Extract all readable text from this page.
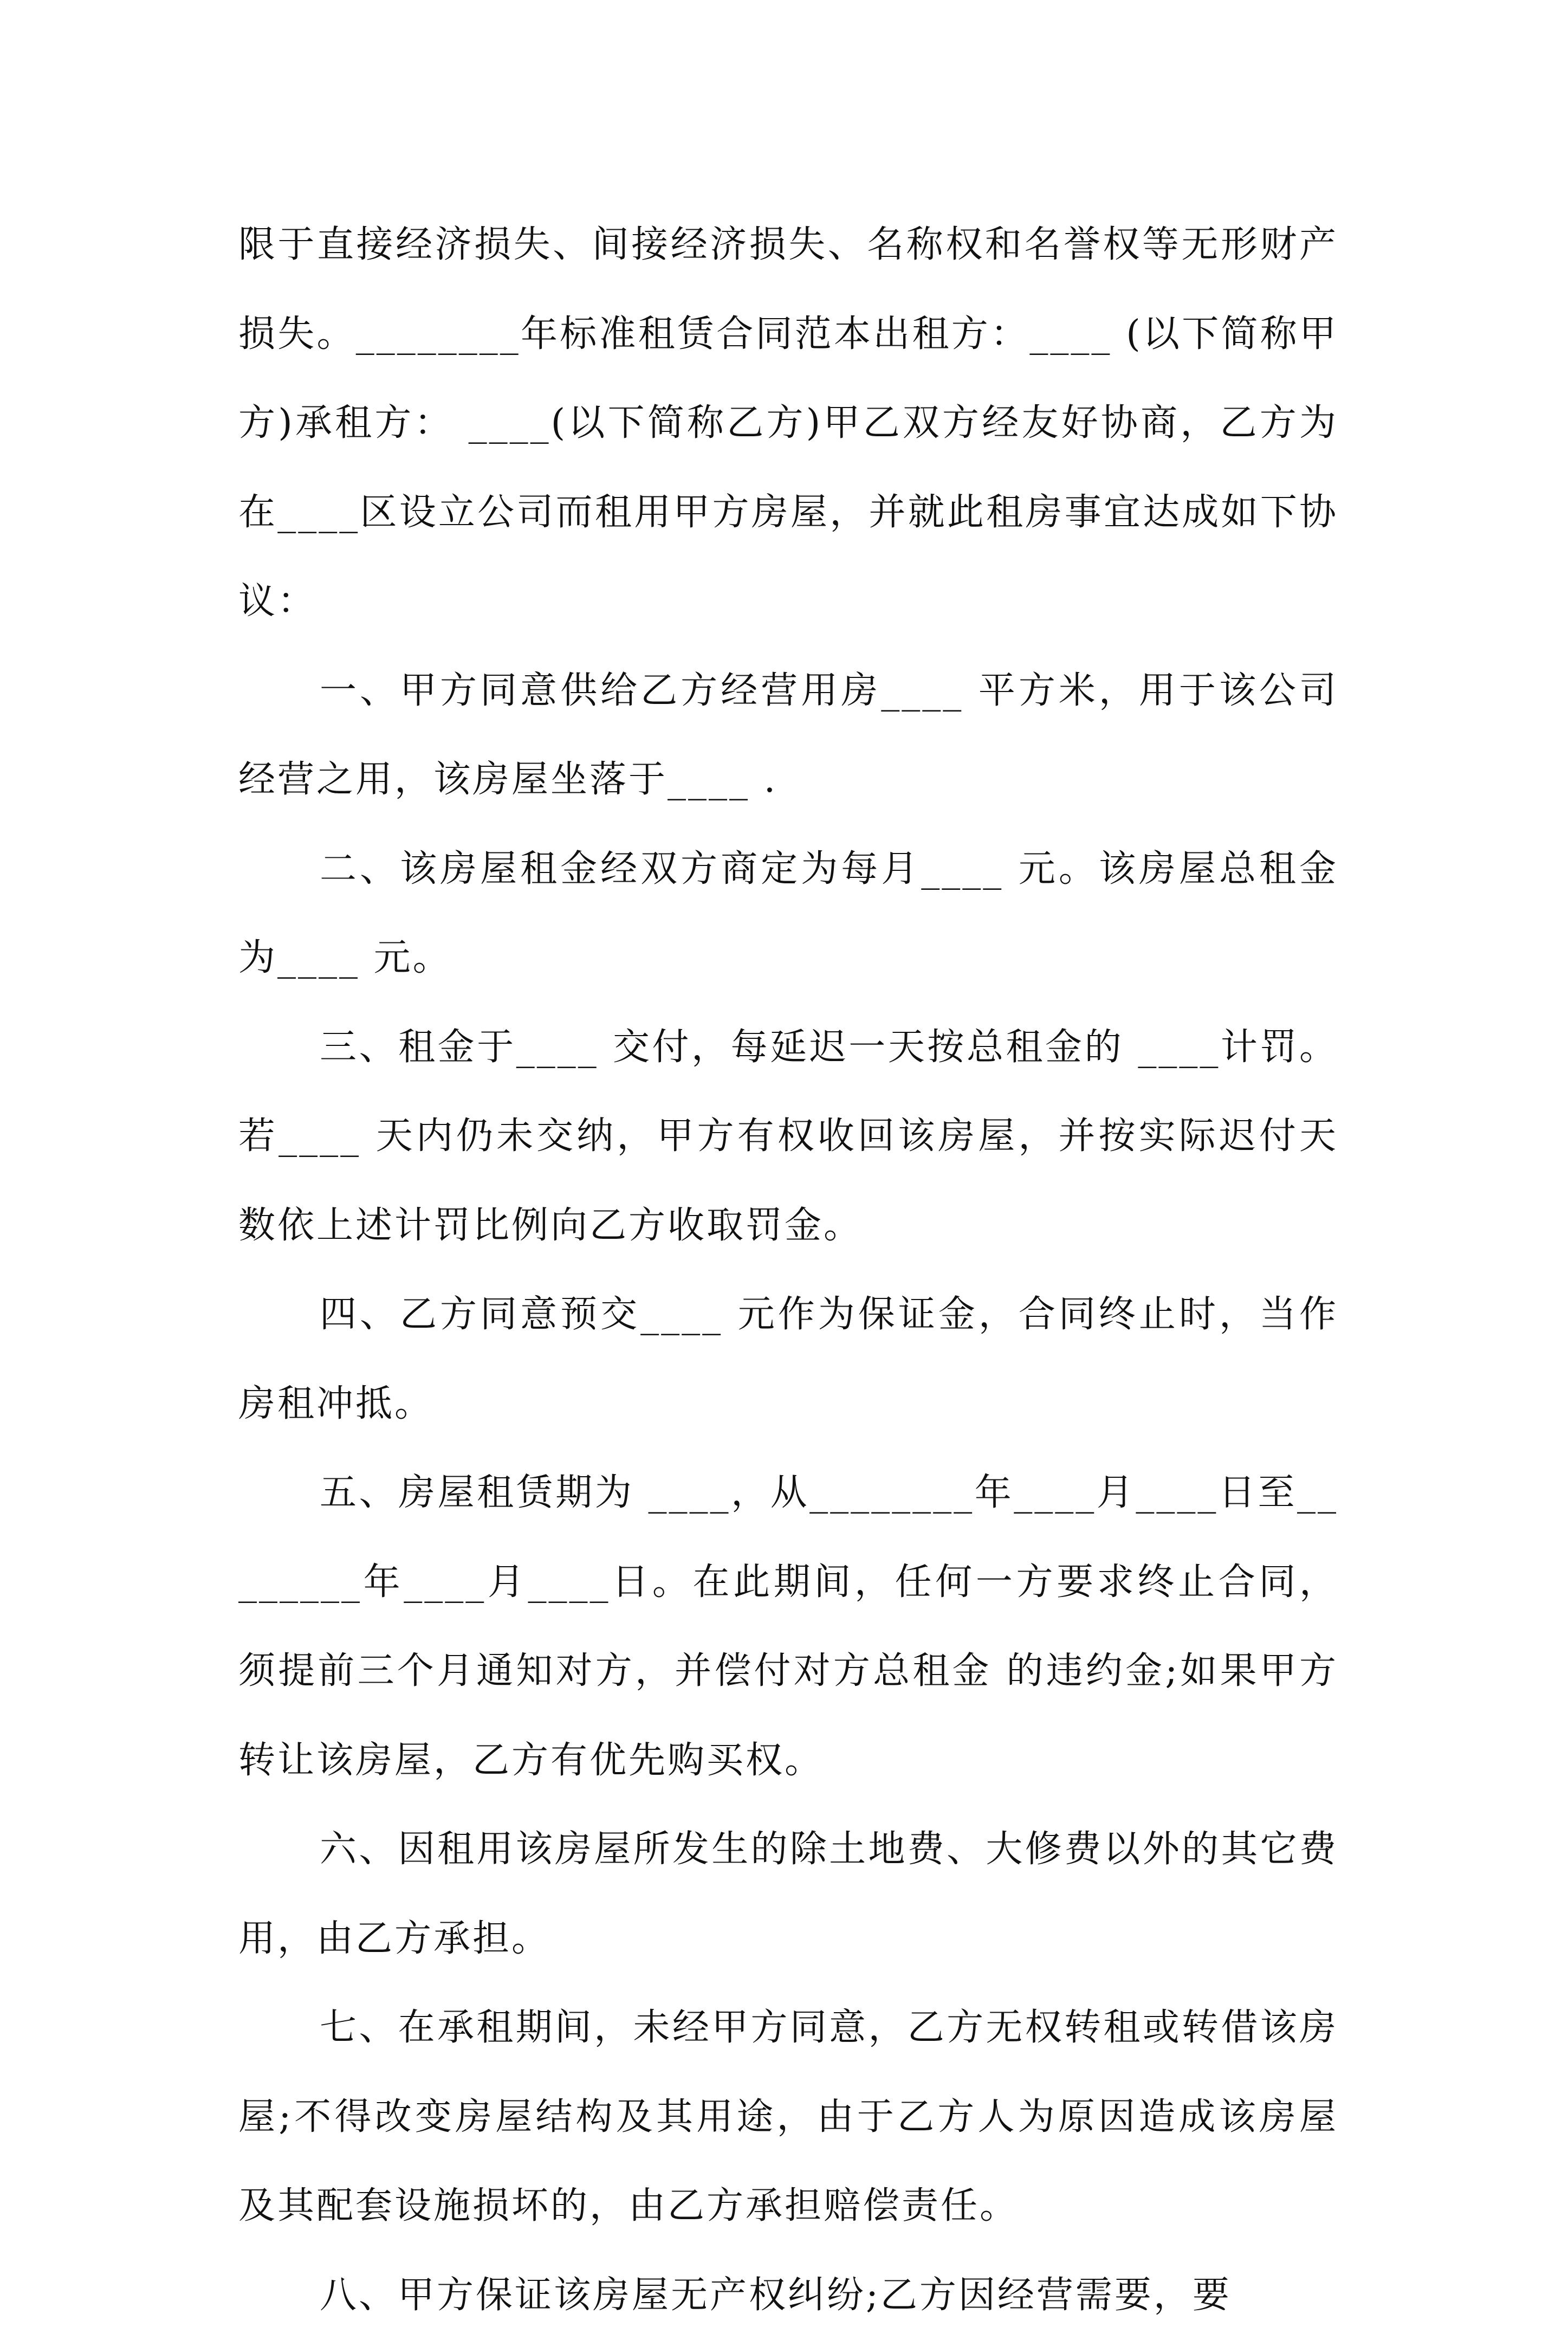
限于直接经济损失、间接经济损失、名称权和名誉权等无形财产损失。________年标准租赁合同范本出租方：____ (以下简称甲方)承租方： ____(以下简称乙方)甲乙双方经友好协商，乙方为在____区设立公司而租用甲方房屋，并就此租房事宜达成如下协议：

一、甲方同意供给乙方经营用房____ 平方米，用于该公司经营之用，该房屋坐落于____ .

二、该房屋租金经双方商定为每月____ 元。该房屋总租金为____ 元。

三、租金于____ 交付，每延迟一天按总租金的 ____计罚。若____ 天内仍未交纳，甲方有权收回该房屋，并按实际迟付天数依上述计罚比例向乙方收取罚金。

四、乙方同意预交____ 元作为保证金，合同终止时，当作房租冲抵。

五、房屋租赁期为 ____，从________年____月____日至________年____月____日。在此期间，任何一方要求终止合同，须提前三个月通知对方，并偿付对方总租金 的违约金;如果甲方转让该房屋，乙方有优先购买权。

六、因租用该房屋所发生的除土地费、大修费以外的其它费用，由乙方承担。

七、在承租期间，未经甲方同意，乙方无权转租或转借该房屋;不得改变房屋结构及其用途，由于乙方人为原因造成该房屋及其配套设施损坏的，由乙方承担赔偿责任。

八、甲方保证该房屋无产权纠纷;乙方因经营需要，要
